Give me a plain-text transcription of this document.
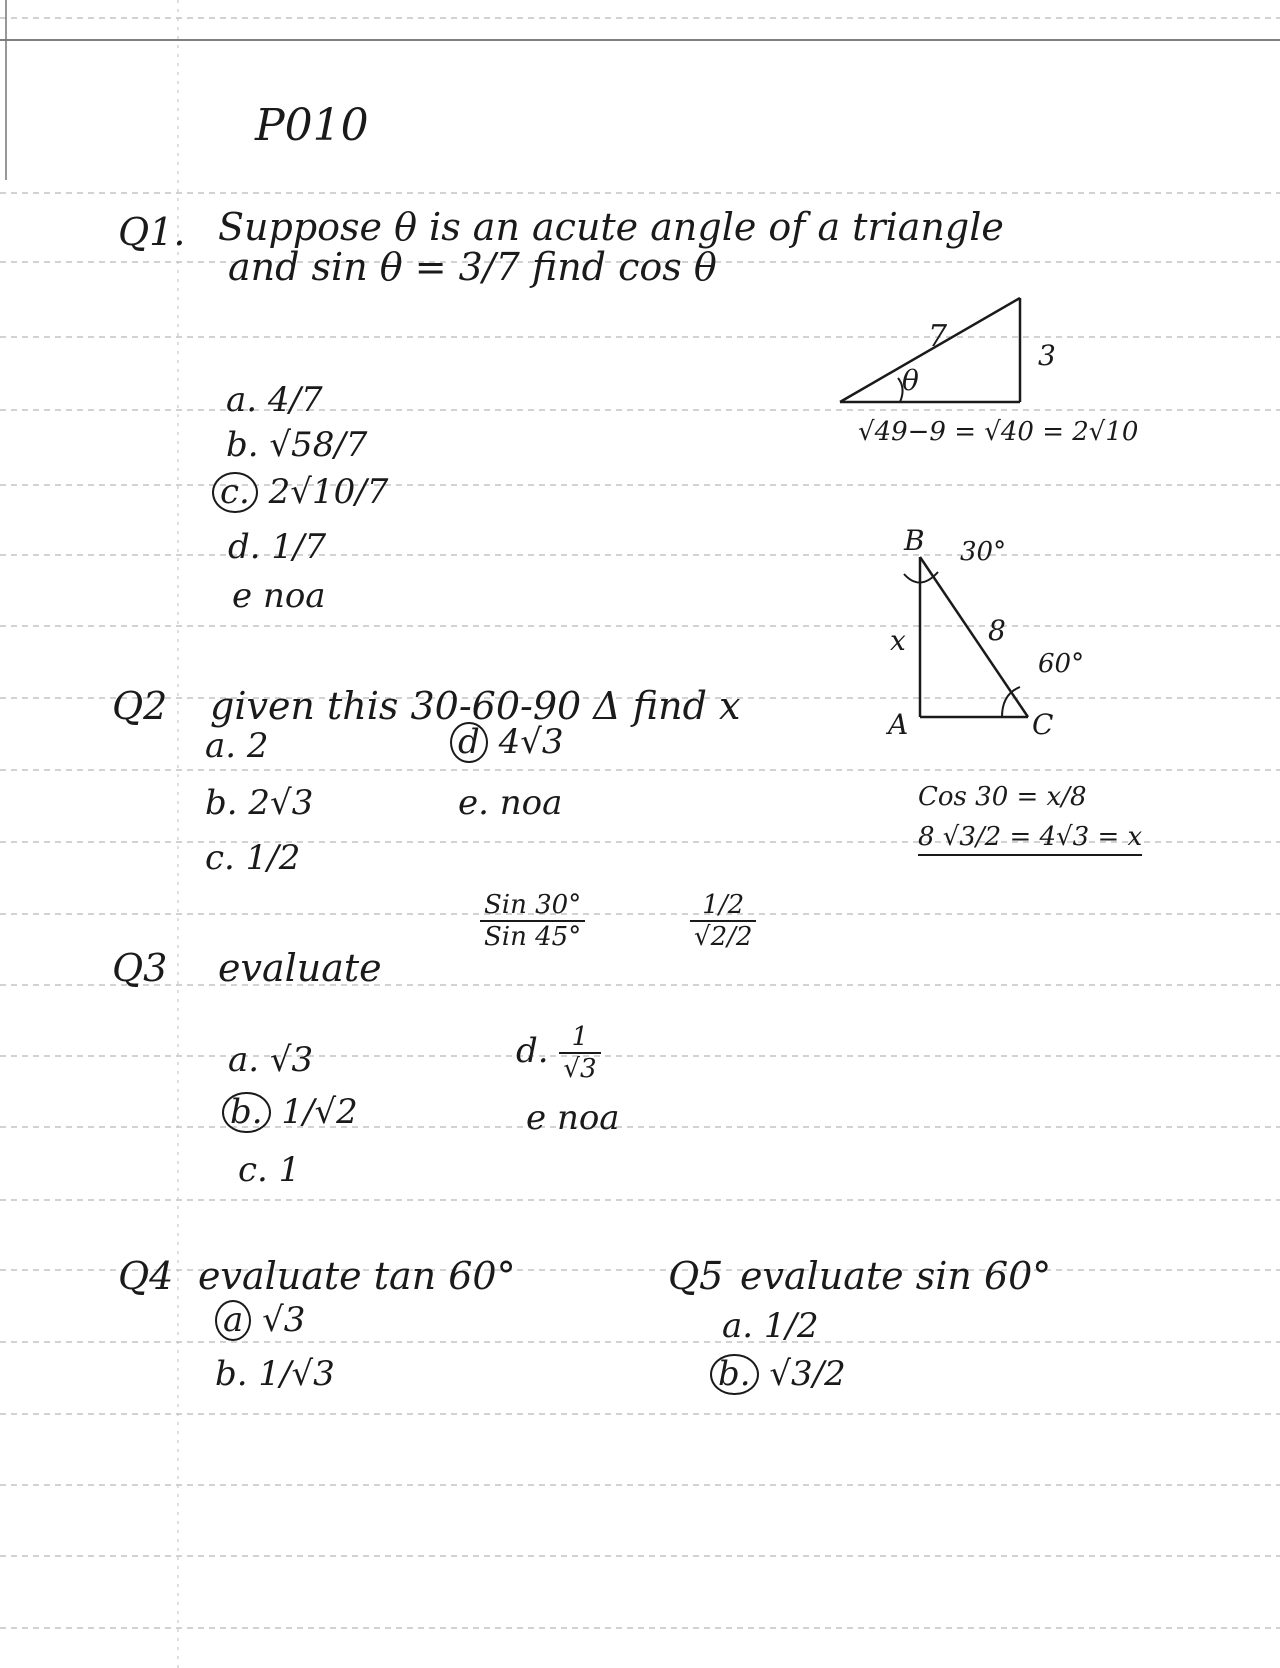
P010
Q1. Suppose θ is an acute angle of a triangle
and sin θ = 3/7 find cos θ
a. 4/7
b. √58/7
c. 2√10/7
d. 1/7
e noa
7
3
θ
√49−9 = √40 = 2√10
Q2 given this 30-60-90 Δ find x
a. 2
b. 2√3
c. 1/2
d 4√3
e. noa
B
A	C
30°
60°
8
x
Cos 30 = x/8
8 √3/2 = 4√3 = x
Q3 evaluate
$\frac{\text{Sin 30°}}{\text{Sin 45°}}$	$\frac{1/2}{√2/2}$
a. √3
b. 1/√2
c. 1
d. $\frac{1}{√3}$
e noa
Q4 evaluate tan 60°
a √3
b. 1/√3
Q5 evaluate sin 60°
a. 1/2
b. √3/2
